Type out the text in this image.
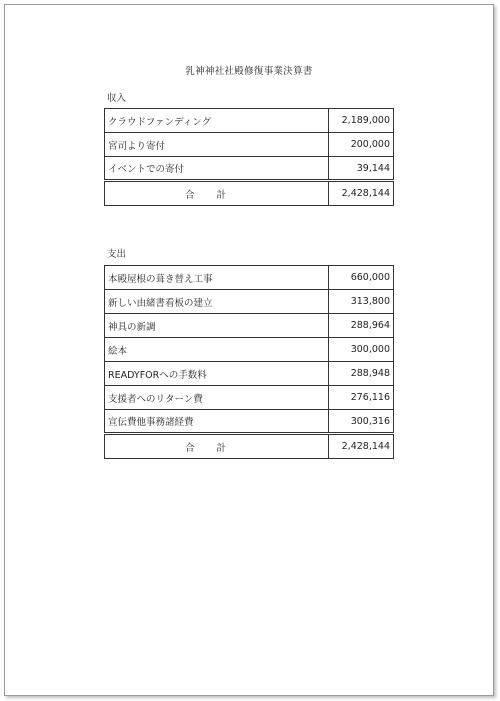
乳神神社社殿修復事業決算書
収入
クラウドファンディング	2,189,000
宮司より寄付	200,000
イベントでの寄付	39,144
合計	2,428,144
支出
本殿屋根の葺き替え工事	660,000
新しい由緒書看板の建立	313,800
神具の新調	288,964
絵本	300,000
READYFORへの手数料	288,948
支援者へのリターン費	276,116
宣伝費他事務諸経費	300,316
合計	2,428,144
